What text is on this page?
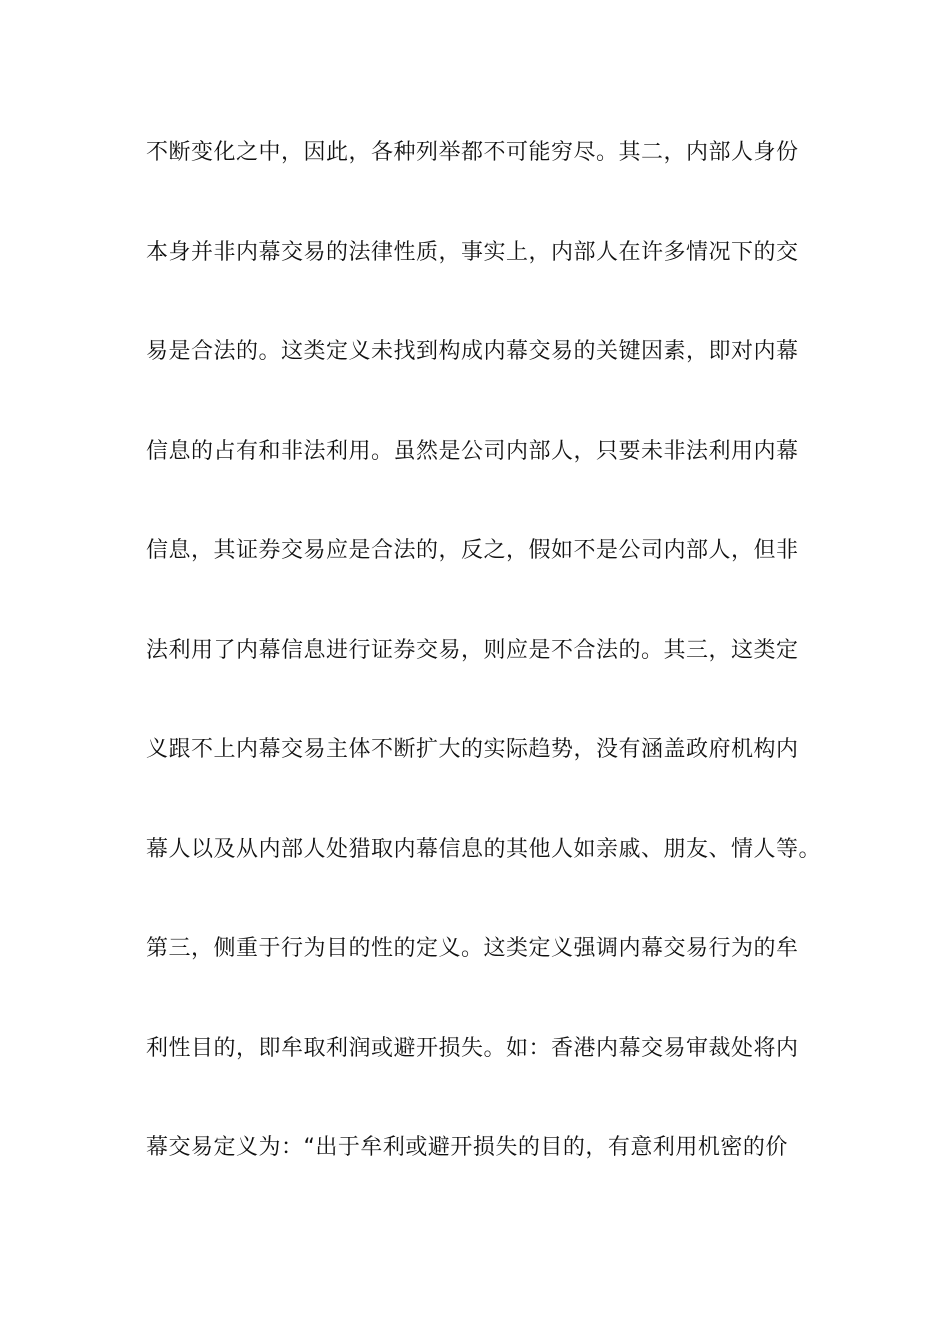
不断变化之中，因此，各种列举都不可能穷尽。其二，内部人身份
本身并非内幕交易的法律性质，事实上，内部人在许多情况下的交
易是合法的。这类定义未找到构成内幕交易的关键因素，即对内幕
信息的占有和非法利用。虽然是公司内部人，只要未非法利用内幕
信息，其证券交易应是合法的，反之，假如不是公司内部人，但非
法利用了内幕信息进行证券交易，则应是不合法的。其三，这类定
义跟不上内幕交易主体不断扩大的实际趋势，没有涵盖政府机构内
幕人以及从内部人处猎取内幕信息的其他人如亲戚、朋友、情人等。
第三，侧重于行为目的性的定义。这类定义强调内幕交易行为的牟
利性目的，即牟取利润或避开损失。如：香港内幕交易审裁处将内
幕交易定义为：“出于牟利或避开损失的目的，有意利用机密的价
